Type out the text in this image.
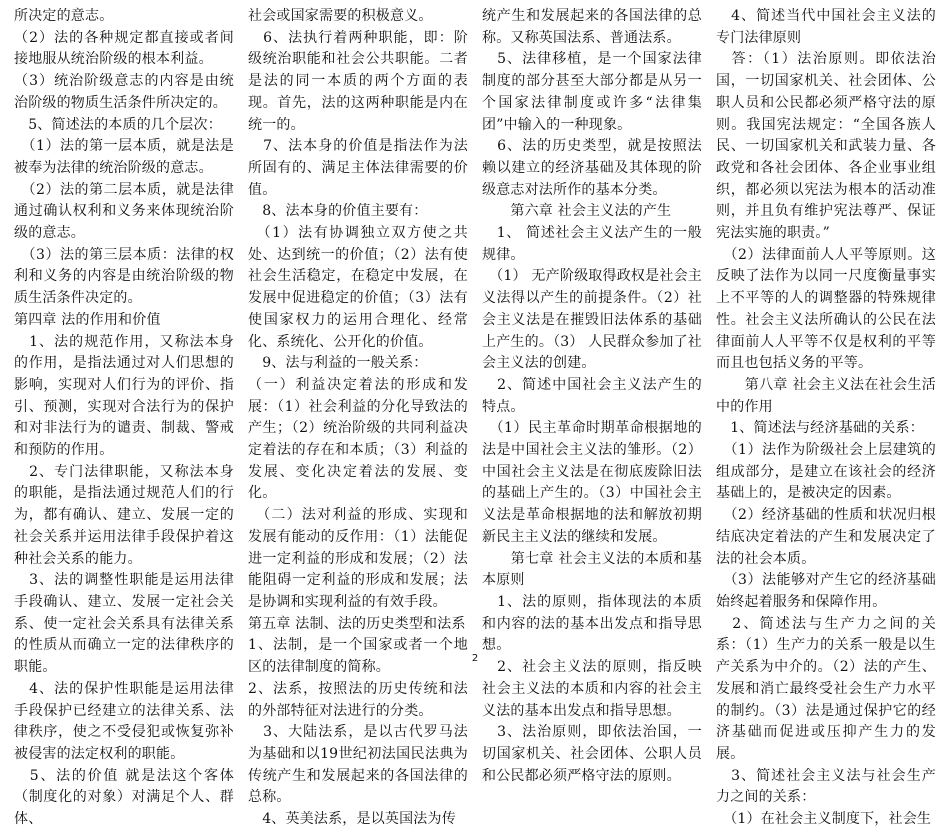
所决定的意志。

（2）法的各种规定都直接或者间接地服从统治阶级的根本利益。

（3）统治阶级意志的内容是由统治阶级的物质生活条件所决定的。

　5、简述法的本质的几个层次：

　（1）法的第一层本质，就是法是被奉为法律的统治阶级的意志。

　（2）法的第二层本质，就是法律通过确认权利和义务来体现统治阶级的意志。

　（3）法的第三层本质：法律的权利和义务的内容是由统治阶级的物质生活条件决定的。

第四章 法的作用和价值

　1、法的规范作用，又称法本身的作用，是指法通过对人们思想的影响，实现对人们行为的评价、指引、预测，实现对合法行为的保护和对非法行为的谴责、制裁、警戒和预防的作用。

　2、专门法律职能，又称法本身的职能，是指法通过规范人们的行为，都有确认、建立、发展一定的社会关系并运用法律手段保护着这种社会关系的能力。

　3、法的调整性职能是运用法律手段确认、建立、发展一定社会关系、使一定社会关系具有法律关系的性质从而确立一定的法律秩序的职能。

　4、法的保护性职能是运用法律手段保护已经建立的法律关系、法律秩序，使之不受侵犯或恢复弥补被侵害的法定权利的职能。

　5、法的价值 就是法这个客体（制度化的对象）对满足个人、群体、

社会或国家需要的积极意义。

　6、法执行着两种职能，即：阶级统治职能和社会公共职能。二者是法的同一本质的两个方面的表现。首先，法的这两种职能是内在统一的。

　7、法本身的价值是指法作为法所固有的、满足主体法律需要的价值。

　8、法本身的价值主要有：

　（1）法有协调独立双方使之共处、达到统一的价值；（2）法有使社会生活稳定，在稳定中发展，在发展中促进稳定的价值；（3）法有使国家权力的运用合理化、经常化、系统化、公开化的价值。

　9、法与利益的一般关系：

（一）利益决定着法的形成和发展：（1）社会利益的分化导致法的产生；（2）统治阶级的共同利益决定着法的存在和本质；（3）利益的发展、变化决定着法的发展、变化。

　（二）法对利益的形成、实现和发展有能动的反作用：（1）法能促进一定利益的形成和发展；（2）法能阻碍一定利益的形成和发展；法是协调和实现利益的有效手段。

第五章 法制、法的历史类型和法系

1、法制，是一个国家或者一个地区的法律制度的简称。

2、法系，按照法的历史传统和法的外部特征对法进行的分类。

　3、大陆法系，是以古代罗马法为基础和以19世纪初法国民法典为传统产生和发展起来的各国法律的总称。

　4、英美法系，是以英国法为传

统产生和发展起来的各国法律的总称。又称英国法系、普通法系。

　5、法律移植，是一个国家法律制度的部分甚至大部分都是从另一个国家法律制度或许多“法律集团”中输入的一种现象。

　6、法的历史类型，就是按照法赖以建立的经济基础及其体现的阶级意志对法所作的基本分类。

　　第六章 社会主义法的产生

　1、 简述社会主义法产生的一般规律。

　（1） 无产阶级取得政权是社会主义法得以产生的前提条件。（2）社会主义法是在摧毁旧法体系的基础上产生的。（3） 人民群众参加了社会主义法的创建。

　2、简述中国社会主义法产生的特点。

　（1）民主革命时期革命根据地的法是中国社会主义法的雏形。（2）中国社会主义法是在彻底废除旧法的基础上产生的。（3）中国社会主义法是革命根据地的法和解放初期新民主主义法的继续和发展。

　　第七章 社会主义法的本质和基本原则

　1、法的原则，指体现法的本质和内容的法的基本出发点和指导思想。

　2、社会主义法的原则，指反映社会主义法的本质和内容的社会主义法的基本出发点和指导思想。

　3、法治原则，即依法治国，一切国家机关、社会团体、公职人员和公民都必须严格守法的原则。

　4、简述当代中国社会主义法的专门法律原则

　答：（1）法治原则。即依法治国，一切国家机关、社会团体、公职人员和公民都必须严格守法的原则。我国宪法规定：“全国各族人民、一切国家机关和武装力量、各政党和各社会团体、各企业事业组织，都必须以宪法为根本的活动准则，并且负有维护宪法尊严、保证宪法实施的职责。”

　（2）法律面前人人平等原则。这反映了法作为以同一尺度衡量事实上不平等的人的调整器的特殊规律性。社会主义法所确认的公民在法律面前人人平等不仅是权利的平等而且也包括义务的平等。

　　第八章 社会主义法在社会生活中的作用

　1、简述法与经济基础的关系：

　（1）法作为阶级社会上层建筑的组成部分，是建立在该社会的经济基础上的，是被决定的因素。

　（2）经济基础的性质和状况归根结底决定着法的产生和发展决定了法的社会本质。

　（3）法能够对产生它的经济基础始终起着服务和保障作用。

　2、简述法与生产力之间的关系：（1）生产力的关系一般是以生产关系为中介的。（2）法的产生、发展和消亡最终受社会生产力水平的制约。（3）法是通过保护它的经济基础而促进或压抑产生力的发展。

　3、简述社会主义法与社会生产力之间的关系：

　（1）在社会主义制度下，社会生

2
